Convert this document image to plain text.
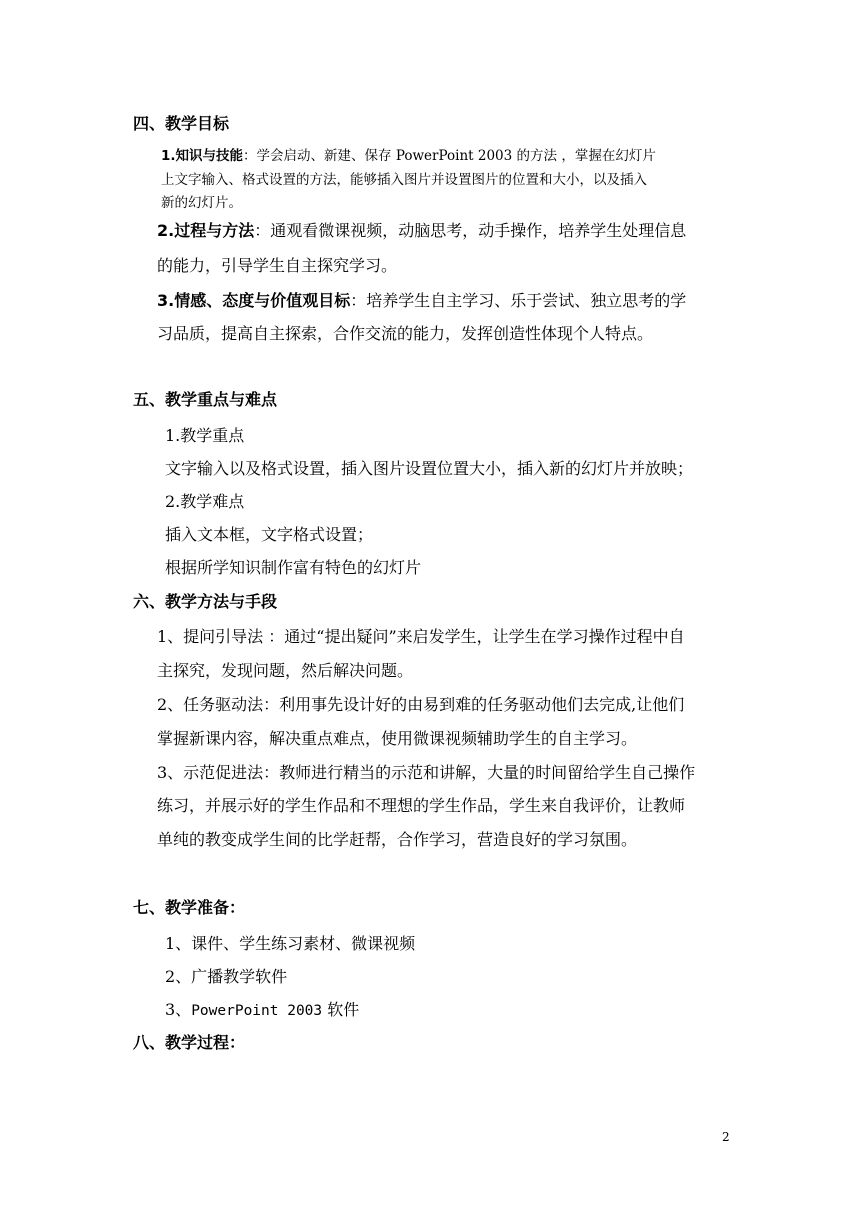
四、教学目标
1.知识与技能：学会启动、新建、保存 PowerPoint 2003 的方法 ，掌握在幻灯片
上文字输入、格式设置的方法，能够插入图片并设置图片的位置和大小，以及插入
新的幻灯片。
2.过程与方法：通观看微课视频，动脑思考，动手操作，培养学生处理信息
的能力，引导学生自主探究学习。
3.情感、态度与价值观目标：培养学生自主学习、乐于尝试、独立思考的学
习品质，提高自主探索，合作交流的能力，发挥创造性体现个人特点。
五、教学重点与难点
1.教学重点
文字输入以及格式设置，插入图片设置位置大小，插入新的幻灯片并放映；
2.教学难点
插入文本框，文字格式设置；
根据所学知识制作富有特色的幻灯片
六、教学方法与手段
1、提问引导法 ：通过“提出疑问”来启发学生，让学生在学习操作过程中自
主探究，发现问题，然后解决问题。
2、任务驱动法：利用事先设计好的由易到难的任务驱动他们去完成,让他们
掌握新课内容，解决重点难点，使用微课视频辅助学生的自主学习。
3、示范促进法：教师进行精当的示范和讲解，大量的时间留给学生自己操作
练习，并展示好的学生作品和不理想的学生作品，学生来自我评价，让教师
单纯的教变成学生间的比学赶帮，合作学习，营造良好的学习氛围。
七、教学准备：
1、课件、学生练习素材、微课视频
2、广播教学软件
3、PowerPoint 2003 软件
八、教学过程：
2
